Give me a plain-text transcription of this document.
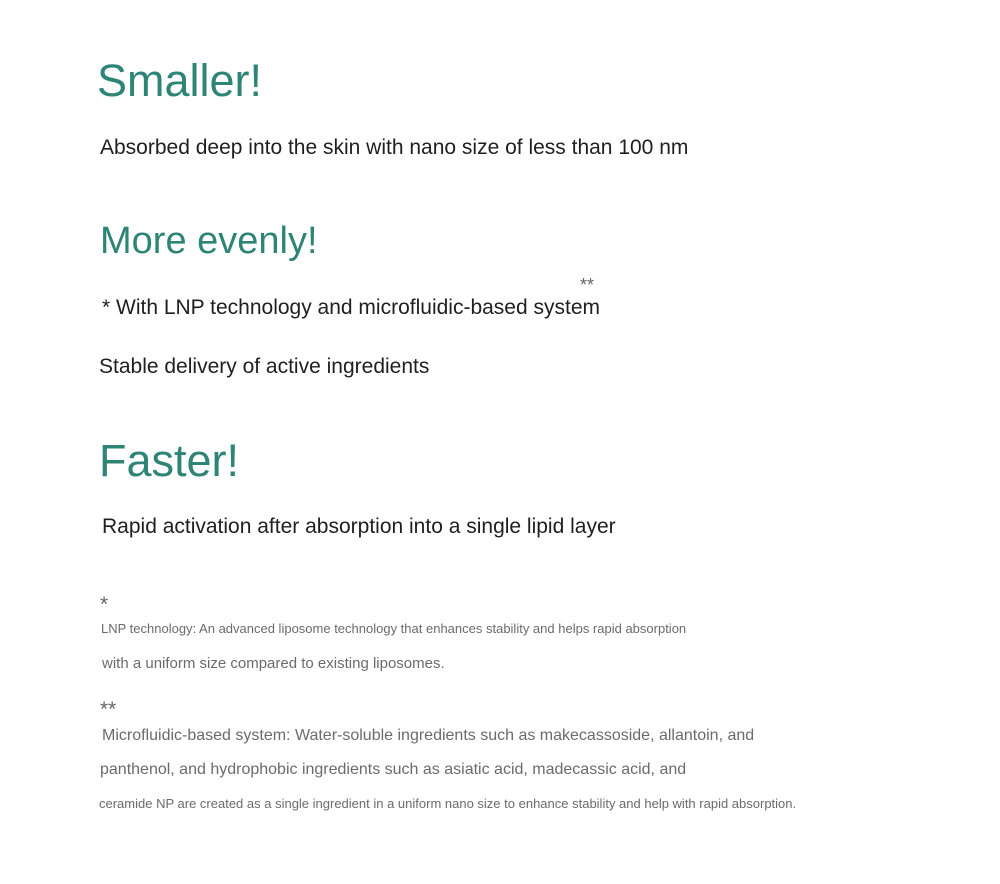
Smaller!
Absorbed deep into the skin with nano size of less than 100 nm
More evenly!
**
* With LNP technology and microfluidic-based system
Stable delivery of active ingredients
Faster!
Rapid activation after absorption into a single lipid layer
*
LNP technology: An advanced liposome technology that enhances stability and helps rapid absorption
with a uniform size compared to existing liposomes.
**
Microfluidic-based system: Water-soluble ingredients such as makecassoside, allantoin, and
panthenol, and hydrophobic ingredients such as asiatic acid, madecassic acid, and
ceramide NP are created as a single ingredient in a uniform nano size to enhance stability and help with rapid absorption.
